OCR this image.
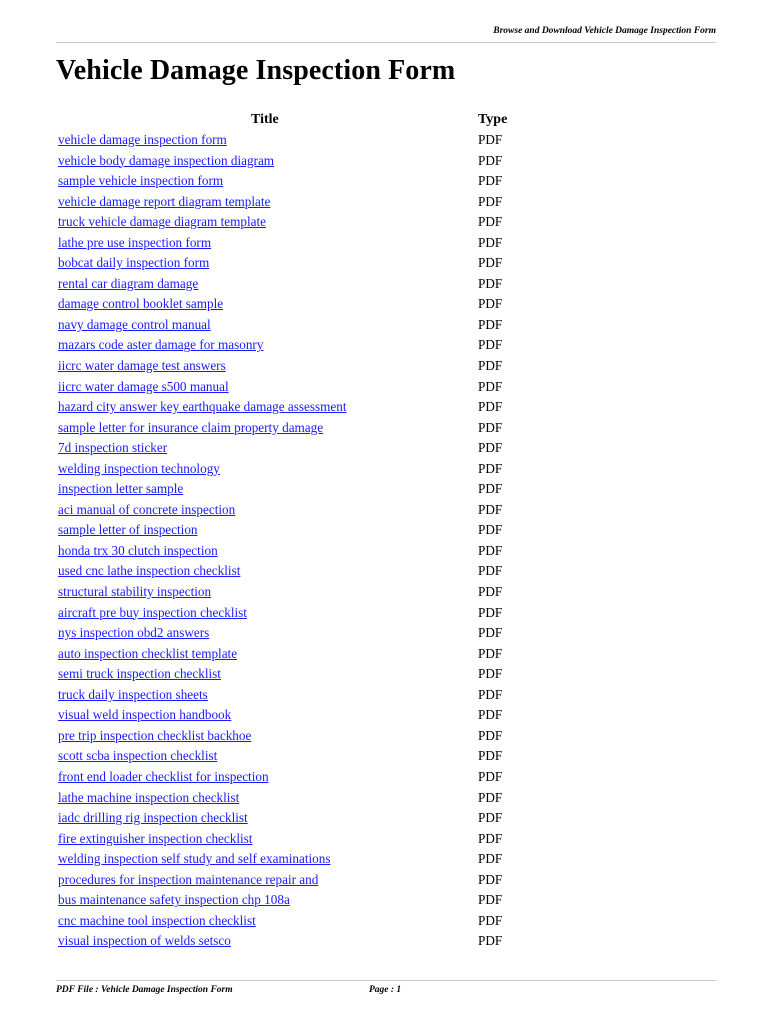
Browse and Download Vehicle Damage Inspection Form
Vehicle Damage Inspection Form
Title	Type
vehicle damage inspection form	PDF
vehicle body damage inspection diagram	PDF
sample vehicle inspection form	PDF
vehicle damage report diagram template	PDF
truck vehicle damage diagram template	PDF
lathe pre use inspection form	PDF
bobcat daily inspection form	PDF
rental car diagram damage	PDF
damage control booklet sample	PDF
navy damage control manual	PDF
mazars code aster damage for masonry	PDF
iicrc water damage test answers	PDF
iicrc water damage s500 manual	PDF
hazard city answer key earthquake damage assessment	PDF
sample letter for insurance claim property damage	PDF
7d inspection sticker	PDF
welding inspection technology	PDF
inspection letter sample	PDF
aci manual of concrete inspection	PDF
sample letter of inspection	PDF
honda trx 30 clutch inspection	PDF
used cnc lathe inspection checklist	PDF
structural stability inspection	PDF
aircraft pre buy inspection checklist	PDF
nys inspection obd2 answers	PDF
auto inspection checklist template	PDF
semi truck inspection checklist	PDF
truck daily inspection sheets	PDF
visual weld inspection handbook	PDF
pre trip inspection checklist backhoe	PDF
scott scba inspection checklist	PDF
front end loader checklist for inspection	PDF
lathe machine inspection checklist	PDF
iadc drilling rig inspection checklist	PDF
fire extinguisher inspection checklist	PDF
welding inspection self study and self examinations	PDF
procedures for inspection maintenance repair and	PDF
bus maintenance safety inspection chp 108a	PDF
cnc machine tool inspection checklist	PDF
visual inspection of welds setsco	PDF
PDF File : Vehicle Damage Inspection Form	Page : 1
